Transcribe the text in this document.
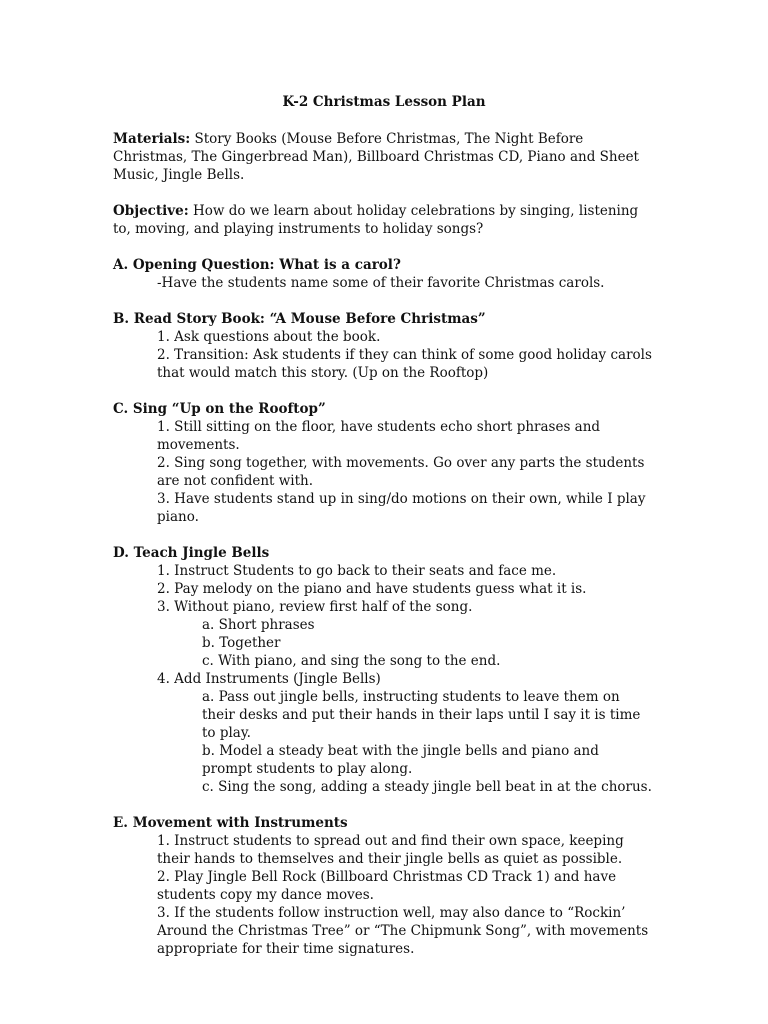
K-2 Christmas Lesson Plan

Materials: Story Books (Mouse Before Christmas, The Night Before Christmas, The Gingerbread Man), Billboard Christmas CD, Piano and Sheet Music, Jingle Bells.

Objective: How do we learn about holiday celebrations by singing, listening to, moving, and playing instruments to holiday songs?

A. Opening Question: What is a carol?

-Have the students name some of their favorite Christmas carols.

B. Read Story Book: “A Mouse Before Christmas”

1. Ask questions about the book.

2. Transition: Ask students if they can think of some good holiday carols that would match this story. (Up on the Rooftop)

C. Sing “Up on the Rooftop”

1. Still sitting on the floor, have students echo short phrases and movements.

2. Sing song together, with movements. Go over any parts the students are not confident with.

3. Have students stand up in sing/do motions on their own, while I play piano.

D. Teach Jingle Bells

1. Instruct Students to go back to their seats and face me.

2. Pay melody on the piano and have students guess what it is.

3. Without piano, review first half of the song.

a. Short phrases

b. Together

c. With piano, and sing the song to the end.

4. Add Instruments (Jingle Bells)

a. Pass out jingle bells, instructing students to leave them on their desks and put their hands in their laps until I say it is time to play.

b. Model a steady beat with the jingle bells and piano and prompt students to play along.

c. Sing the song, adding a steady jingle bell beat in at the chorus.

E. Movement with Instruments

1. Instruct students to spread out and find their own space, keeping their hands to themselves and their jingle bells as quiet as possible.

2. Play Jingle Bell Rock (Billboard Christmas CD Track 1) and have students copy my dance moves.

3. If the students follow instruction well, may also dance to “Rockin’ Around the Christmas Tree” or “The Chipmunk Song”, with movements appropriate for their time signatures.
